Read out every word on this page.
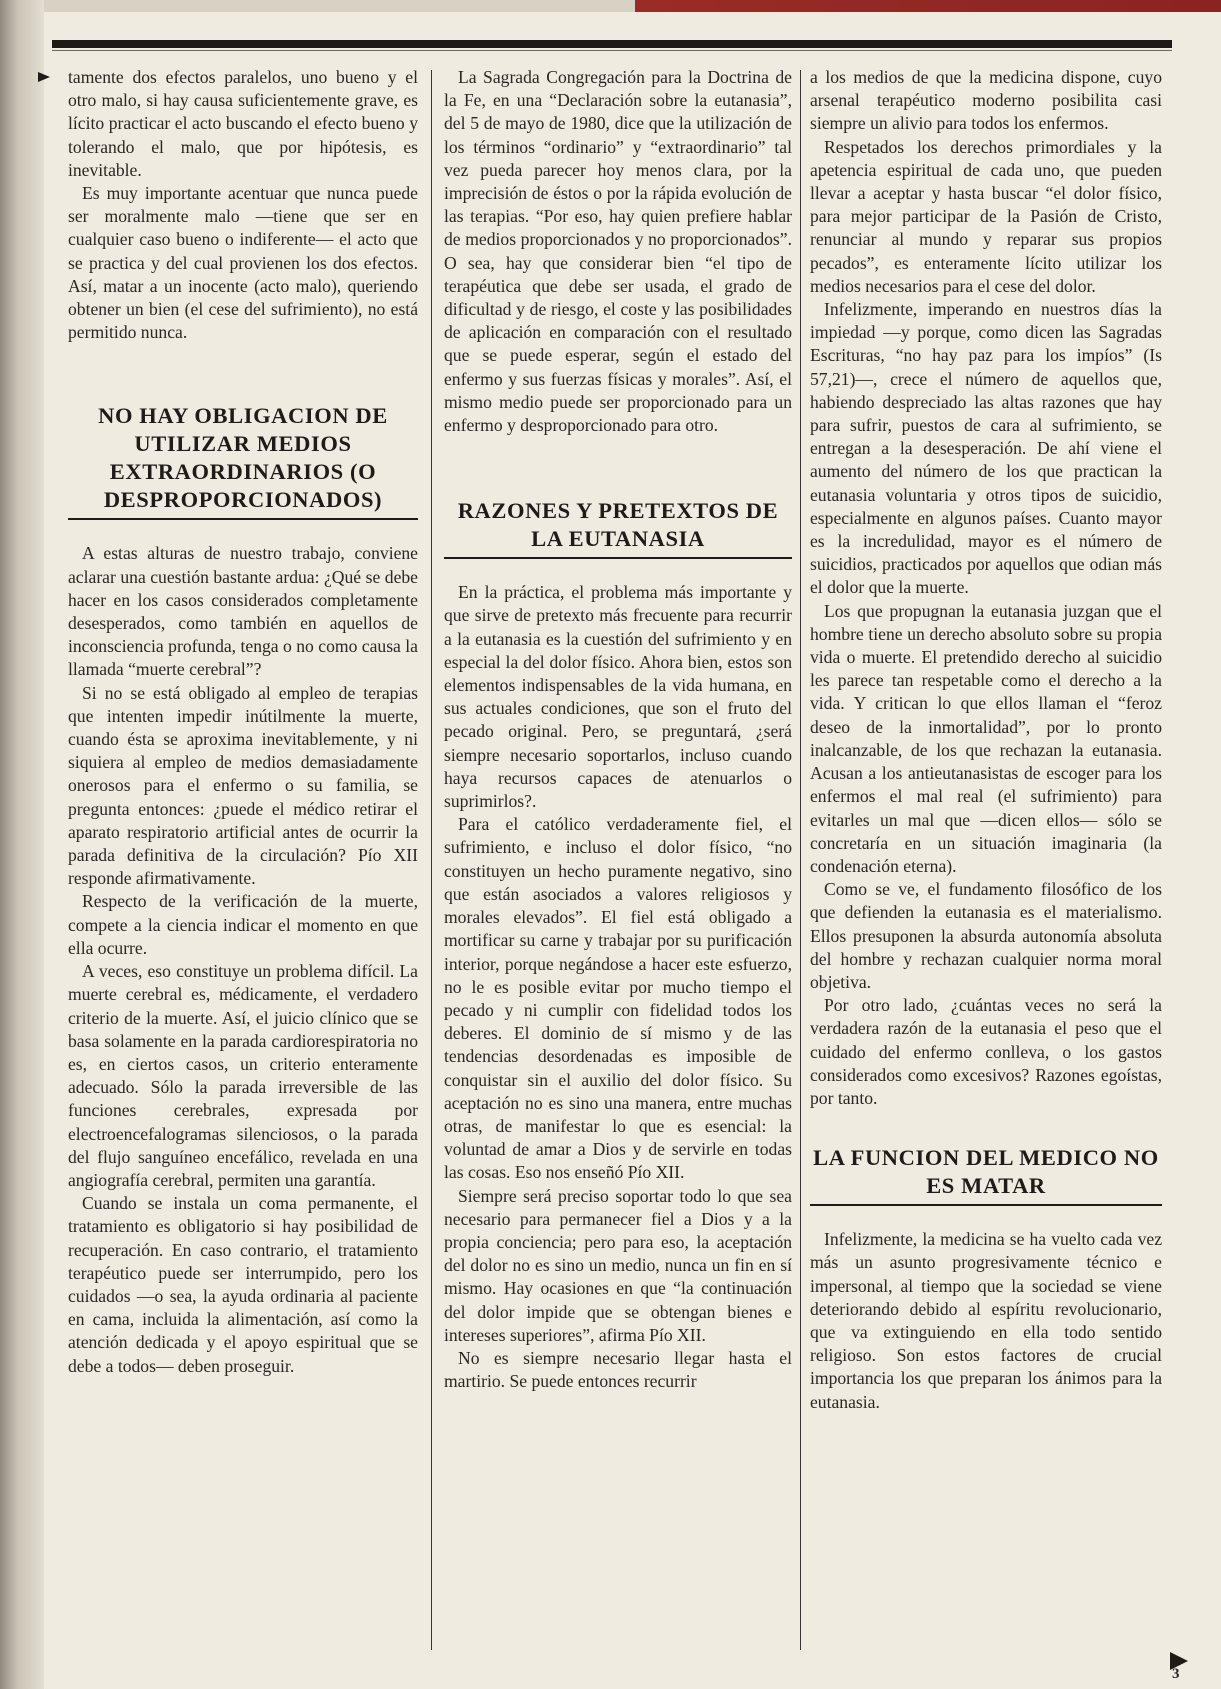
tamente dos efectos paralelos, uno bueno y el otro malo, si hay causa suficientemente grave, es lícito practicar el acto buscando el efecto bueno y tolerando el malo, que por hipótesis, es inevitable.

Es muy importante acentuar que nunca puede ser moralmente malo —tiene que ser en cualquier caso bueno o indiferente— el acto que se practica y del cual provienen los dos efectos. Así, matar a un inocente (acto malo), queriendo obtener un bien (el cese del sufrimiento), no está permitido nunca.

NO HAY OBLIGACION DE UTILIZAR MEDIOS EXTRAORDINARIOS (O DESPROPORCIONADOS)

A estas alturas de nuestro trabajo, conviene aclarar una cuestión bastante ardua: ¿Qué se debe hacer en los casos considerados completamente desesperados, como también en aquellos de inconsciencia profunda, tenga o no como causa la llamada “muerte cerebral”?

Si no se está obligado al empleo de terapias que intenten impedir inútilmente la muerte, cuando ésta se aproxima inevitablemente, y ni siquiera al empleo de medios demasiadamente onerosos para el enfermo o su familia, se pregunta entonces: ¿puede el médico retirar el aparato respiratorio artificial antes de ocurrir la parada definitiva de la circulación? Pío XII responde afirmativamente.

Respecto de la verificación de la muerte, compete a la ciencia indicar el momento en que ella ocurre.

A veces, eso constituye un problema difícil. La muerte cerebral es, médicamente, el verdadero criterio de la muerte. Así, el juicio clínico que se basa solamente en la parada cardiorespiratoria no es, en ciertos casos, un criterio enteramente adecuado. Sólo la parada irreversible de las funciones cerebrales, expresada por electroencefalogramas silenciosos, o la parada del flujo sanguíneo encefálico, revelada en una angiografía cerebral, permiten una garantía.

Cuando se instala un coma permanente, el tratamiento es obligatorio si hay posibilidad de recuperación. En caso contrario, el tratamiento terapéutico puede ser interrumpido, pero los cuidados —o sea, la ayuda ordinaria al paciente en cama, incluida la alimentación, así como la atención dedicada y el apoyo espiritual que se debe a todos— deben proseguir.

La Sagrada Congregación para la Doctrina de la Fe, en una “Declaración sobre la eutanasia”, del 5 de mayo de 1980, dice que la utilización de los términos “ordinario” y “extraordinario” tal vez pueda parecer hoy menos clara, por la imprecisión de éstos o por la rápida evolución de las terapias. “Por eso, hay quien prefiere hablar de medios proporcionados y no proporcionados”. O sea, hay que considerar bien “el tipo de terapéutica que debe ser usada, el grado de dificultad y de riesgo, el coste y las posibilidades de aplicación en comparación con el resultado que se puede esperar, según el estado del enfermo y sus fuerzas físicas y morales”. Así, el mismo medio puede ser proporcionado para un enfermo y desproporcionado para otro.

RAZONES Y PRETEXTOS DE LA EUTANASIA

En la práctica, el problema más importante y que sirve de pretexto más frecuente para recurrir a la eutanasia es la cuestión del sufrimiento y en especial la del dolor físico. Ahora bien, estos son elementos indispensables de la vida humana, en sus actuales condiciones, que son el fruto del pecado original. Pero, se preguntará, ¿será siempre necesario soportarlos, incluso cuando haya recursos capaces de atenuarlos o suprimirlos?.

Para el católico verdaderamente fiel, el sufrimiento, e incluso el dolor físico, “no constituyen un hecho puramente negativo, sino que están asociados a valores religiosos y morales elevados”. El fiel está obligado a mortificar su carne y trabajar por su purificación interior, porque negándose a hacer este esfuerzo, no le es posible evitar por mucho tiempo el pecado y ni cumplir con fidelidad todos los deberes. El dominio de sí mismo y de las tendencias desordenadas es imposible de conquistar sin el auxilio del dolor físico. Su aceptación no es sino una manera, entre muchas otras, de manifestar lo que es esencial: la voluntad de amar a Dios y de servirle en todas las cosas. Eso nos enseñó Pío XII.

Siempre será preciso soportar todo lo que sea necesario para permanecer fiel a Dios y a la propia conciencia; pero para eso, la aceptación del dolor no es sino un medio, nunca un fin en sí mismo. Hay ocasiones en que “la continuación del dolor impide que se obtengan bienes e intereses superiores”, afirma Pío XII.

No es siempre necesario llegar hasta el martirio. Se puede entonces recurrir

a los medios de que la medicina dispone, cuyo arsenal terapéutico moderno posibilita casi siempre un alivio para todos los enfermos.

Respetados los derechos primordiales y la apetencia espiritual de cada uno, que pueden llevar a aceptar y hasta buscar “el dolor físico, para mejor participar de la Pasión de Cristo, renunciar al mundo y reparar sus propios pecados”, es enteramente lícito utilizar los medios necesarios para el cese del dolor.

Infelizmente, imperando en nuestros días la impiedad —y porque, como dicen las Sagradas Escrituras, “no hay paz para los impíos” (Is 57,21)—, crece el número de aquellos que, habiendo despreciado las altas razones que hay para sufrir, puestos de cara al sufrimiento, se entregan a la desesperación. De ahí viene el aumento del número de los que practican la eutanasia voluntaria y otros tipos de suicidio, especialmente en algunos países. Cuanto mayor es la incredulidad, mayor es el número de suicidios, practicados por aquellos que odian más el dolor que la muerte.

Los que propugnan la eutanasia juzgan que el hombre tiene un derecho absoluto sobre su propia vida o muerte. El pretendido derecho al suicidio les parece tan respetable como el derecho a la vida. Y critican lo que ellos llaman el “feroz deseo de la inmortalidad”, por lo pronto inalcanzable, de los que rechazan la eutanasia. Acusan a los antieutanasistas de escoger para los enfermos el mal real (el sufrimiento) para evitarles un mal que —dicen ellos— sólo se concretaría en un situación imaginaria (la condenación eterna).

Como se ve, el fundamento filosófico de los que defienden la eutanasia es el materialismo. Ellos presuponen la absurda autonomía absoluta del hombre y rechazan cualquier norma moral objetiva.

Por otro lado, ¿cuántas veces no será la verdadera razón de la eutanasia el peso que el cuidado del enfermo conlleva, o los gastos considerados como excesivos? Razones egoístas, por tanto.

LA FUNCION DEL MEDICO NO ES MATAR

Infelizmente, la medicina se ha vuelto cada vez más un asunto progresivamente técnico e impersonal, al tiempo que la sociedad se viene deteriorando debido al espíritu revolucionario, que va extinguiendo en ella todo sentido religioso. Son estos factores de crucial importancia los que preparan los ánimos para la eutanasia.

3
